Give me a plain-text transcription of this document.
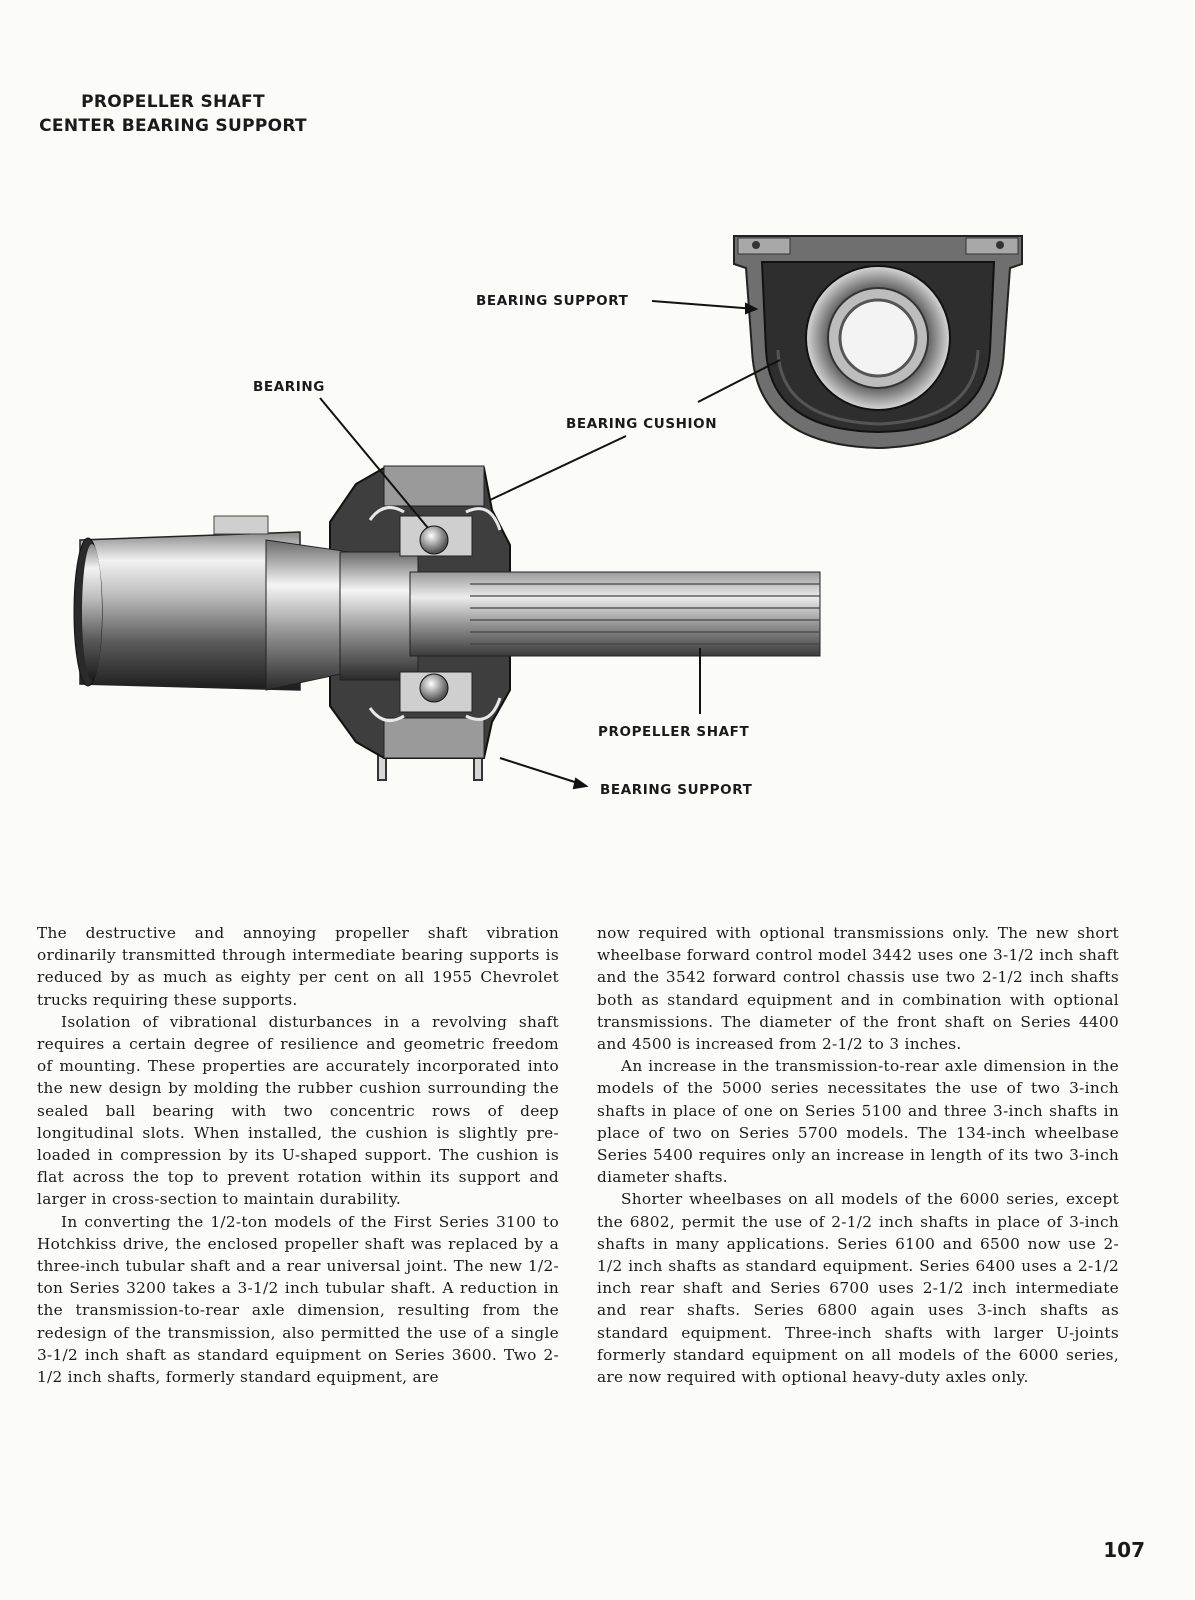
PROPELLER SHAFT
CENTER BEARING SUPPORT
BEARING SUPPORT
BEARING
BEARING CUSHION
PROPELLER SHAFT
BEARING SUPPORT

The destructive and annoying propeller shaft vibration ordinarily transmitted through intermediate bearing supports is reduced by as much as eighty per cent on all 1955 Chevrolet trucks requiring these supports.

Isolation of vibrational disturbances in a revolving shaft requires a certain degree of resilience and geometric freedom of mounting. These properties are accurately incorporated into the new design by molding the rubber cushion surrounding the sealed ball bearing with two concentric rows of deep longitudinal slots. When installed, the cushion is slightly pre-loaded in compression by its U-shaped support. The cushion is flat across the top to prevent rotation within its support and larger in cross-section to maintain durability.

In converting the 1/2-ton models of the First Series 3100 to Hotchkiss drive, the enclosed propeller shaft was replaced by a three-inch tubular shaft and a rear universal joint. The new 1/2-ton Series 3200 takes a 3-1/2 inch tubular shaft. A reduction in the transmission-to-rear axle dimension, resulting from the redesign of the transmission, also permitted the use of a single 3-1/2 inch shaft as standard equipment on Series 3600. Two 2-1/2 inch shafts, formerly standard equipment, are

now required with optional transmissions only. The new short wheelbase forward control model 3442 uses one 3-1/2 inch shaft and the 3542 forward control chassis use two 2-1/2 inch shafts both as standard equipment and in combination with optional transmissions. The diameter of the front shaft on Series 4400 and 4500 is increased from 2-1/2 to 3 inches.

An increase in the transmission-to-rear axle dimension in the models of the 5000 series necessitates the use of two 3-inch shafts in place of one on Series 5100 and three 3-inch shafts in place of two on Series 5700 models. The 134-inch wheelbase Series 5400 requires only an increase in length of its two 3-inch diameter shafts.

Shorter wheelbases on all models of the 6000 series, except the 6802, permit the use of 2-1/2 inch shafts in place of 3-inch shafts in many applications. Series 6100 and 6500 now use 2-1/2 inch shafts as standard equipment. Series 6400 uses a 2-1/2 inch rear shaft and Series 6700 uses 2-1/2 inch intermediate and rear shafts. Series 6800 again uses 3-inch shafts as standard equipment. Three-inch shafts with larger U-joints formerly standard equipment on all models of the 6000 series, are now required with optional heavy-duty axles only.

107
